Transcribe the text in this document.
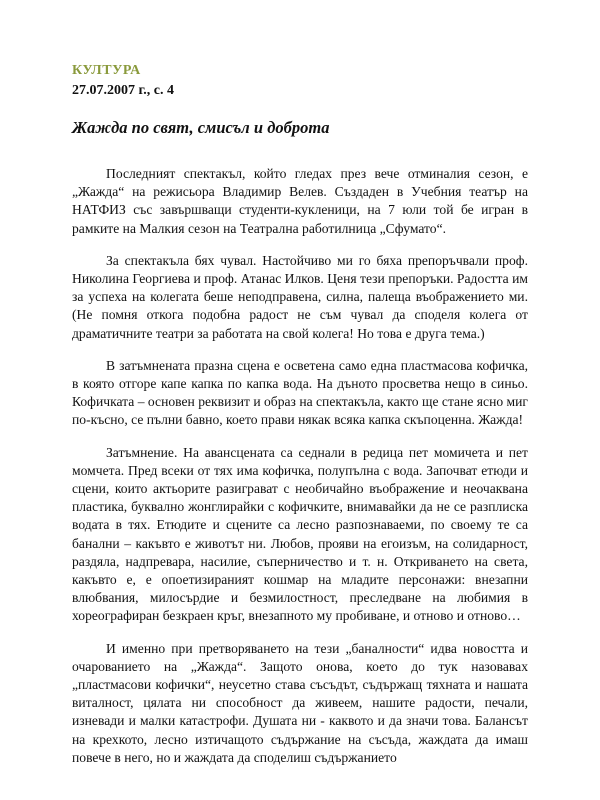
КУЛТУРА
27.07.2007 г., с. 4
Жажда по свят, смисъл и доброта

Последният спектакъл, който гледах през вече отминалия сезон, е „Жажда“ на режисьора Владимир Велев. Създаден в Учебния театър на НАТФИЗ със завършващи студенти-кукленици, на 7 юли той бе игран в рамките на Малкия сезон на Театрална работилница „Сфумато“.

За спектакъла бях чувал. Настойчиво ми го бяха препоръчвали проф. Николина Георгиева и проф. Атанас Илков. Ценя тези препоръки. Радостта им за успеха на колегата беше неподправена, силна, палеща въображението ми. (Не помня откога подобна радост не съм чувал да споделя колега от драматичните театри за работата на свой колега! Но това е друга тема.)

В затъмнената празна сцена е осветена само една пластмасова кофичка, в която отгоре капе капка по капка вода. На дъното просветва нещо в синьо. Кофичката – основен реквизит и образ на спектакъла, както ще стане ясно миг по-късно, се пълни бавно, което прави някак всяка капка скъпоценна. Жажда!

Затъмнение. На авансцената са седнали в редица пет момичета и пет момчета. Пред всеки от тях има кофичка, полупълна с вода. Започват етюди и сцени, които актьорите разиграват с необичайно въображение и неочаквана пластика, буквално жонглирайки с кофичките, внимавайки да не се разплиска водата в тях. Етюдите и сцените са лесно разпознаваеми, по своему те са банални – какъвто е животът ни. Любов, прояви на егоизъм, на солидарност, раздяла, надпревара, насилие, съперничество и т. н. Откриването на света, какъвто е, е опоетизираният кошмар на младите персонажи: внезапни влюбвания, милосърдие и безмилостност, преследване на любимия в хореографиран безкраен кръг, внезапното му пробиване, и отново и отново…

И именно при претворяването на тези „баналности“ идва новостта и очарованието на „Жажда“. Защото онова, което до тук назовавах „пластмасови кофички“, неусетно става съсъдът, съдържащ тяхната и нашата виталност, цялата ни способност да живеем, нашите радости, печали, изневади и малки катастрофи. Душата ни - каквото и да значи това. Балансът на крехкото, лесно изтичащото съдържание на съсъда, жаждата да имаш повече в него, но и жаждата да споделиш съдържанието
